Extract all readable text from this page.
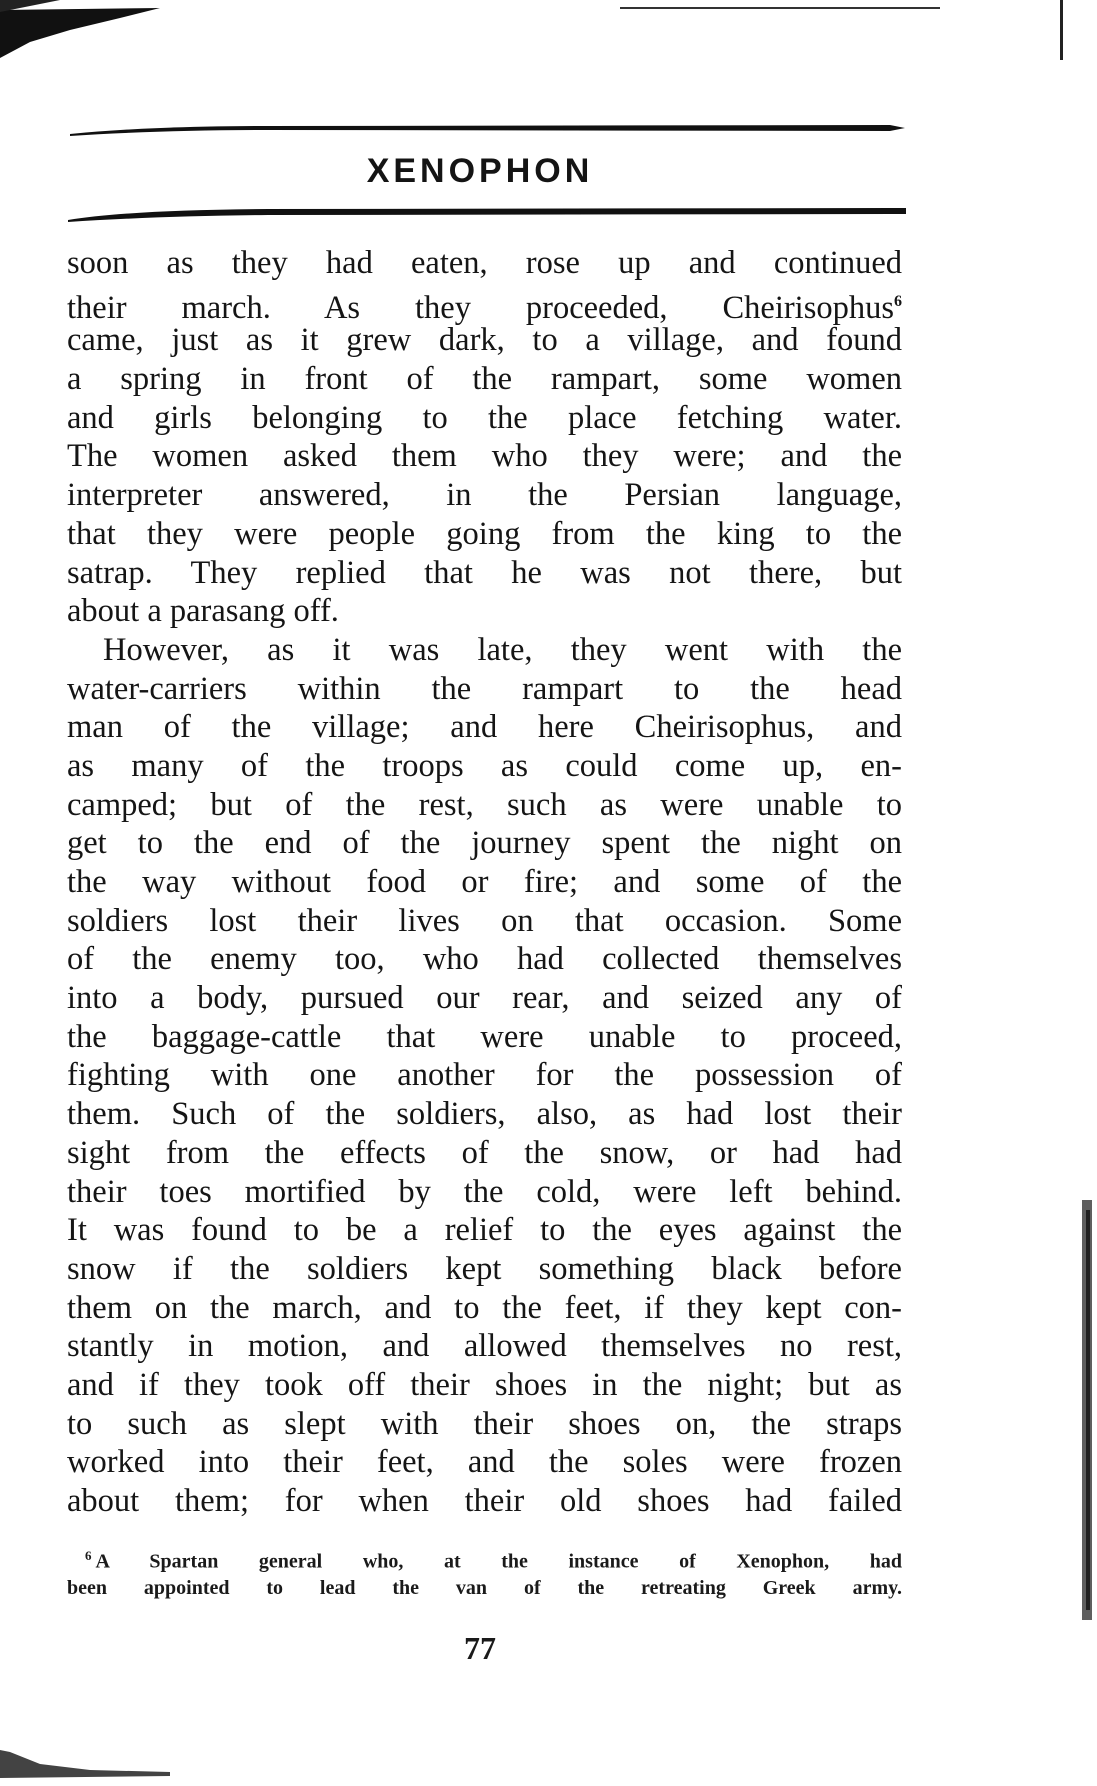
XENOPHON
soon as they had eaten, rose up and continued
their march. As they proceeded, Cheirisophus$^6$
came, just as it grew dark, to a village, and found
a spring in front of the rampart, some women
and girls belonging to the place fetching water.
The women asked them who they were; and the
interpreter answered, in the Persian language,
that they were people going from the king to the
satrap. They replied that he was not there, but
about a parasang off.
However, as it was late, they went with the
water-carriers within the rampart to the head
man of the village; and here Cheirisophus, and
as many of the troops as could come up, en-
camped; but of the rest, such as were unable to
get to the end of the journey spent the night on
the way without food or fire; and some of the
soldiers lost their lives on that occasion. Some
of the enemy too, who had collected themselves
into a body, pursued our rear, and seized any of
the baggage-cattle that were unable to proceed,
fighting with one another for the possession of
them. Such of the soldiers, also, as had lost their
sight from the effects of the snow, or had had
their toes mortified by the cold, were left behind.
It was found to be a relief to the eyes against the
snow if the soldiers kept something black before
them on the march, and to the feet, if they kept con-
stantly in motion, and allowed themselves no rest,
and if they took off their shoes in the night; but as
to such as slept with their shoes on, the straps
worked into their feet, and the soles were frozen
about them; for when their old shoes had failed
$^6$ A Spartan general who, at the instance of Xenophon, had
been appointed to lead the van of the retreating Greek army.
77
